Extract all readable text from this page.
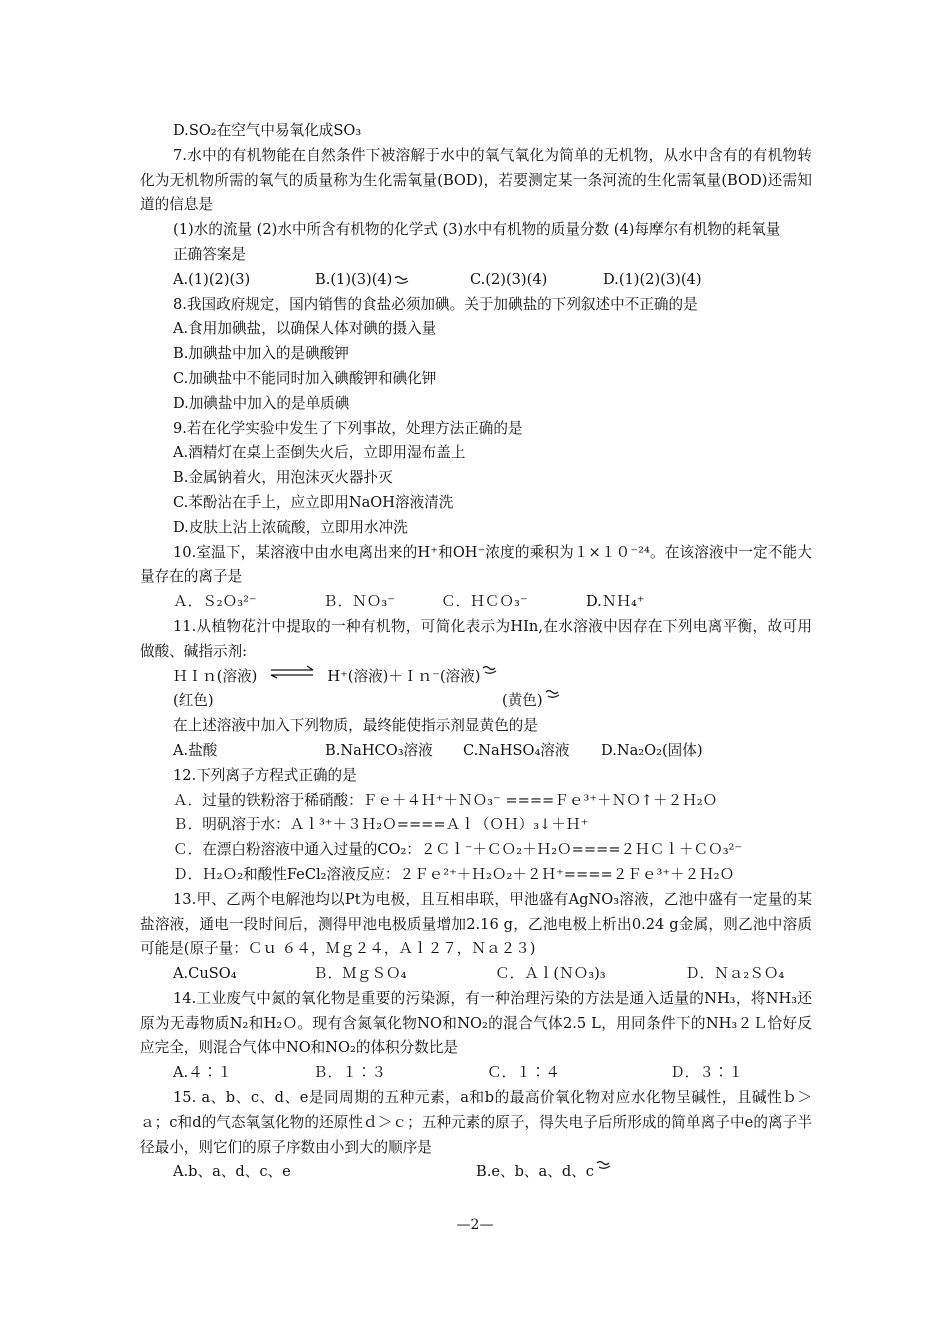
D.SO₂在空气中易氧化成SO₃
7.水中的有机物能在自然条件下被溶解于水中的氧气氧化为简单的无机物，从水中含有的有机物转化为无机物所需的氧气的质量称为生化需氧量(BOD)，若要测定某一条河流的生化需氧量(BOD)还需知道的信息是
(1)水的流量 (2)水中所含有机物的化学式 (3)水中有机物的质量分数 (4)每摩尔有机物的耗氧量
正确答案是
A.(1)(2)(3)	B.(1)(3)(4)	C.(2)(3)(4)	D.(1)(2)(3)(4)
8.我国政府规定，国内销售的食盐必须加碘。关于加碘盐的下列叙述中不正确的是
A.食用加碘盐，以确保人体对碘的摄入量
B.加碘盐中加入的是碘酸钾
C.加碘盐中不能同时加入碘酸钾和碘化钾
D.加碘盐中加入的是单质碘
9.若在化学实验中发生了下列事故，处理方法正确的是
A.酒精灯在桌上歪倒失火后，立即用湿布盖上
B.金属钠着火，用泡沫灭火器扑灭
C.苯酚沾在手上，应立即用NaOH溶液清洗
D.皮肤上沾上浓硫酸，立即用水冲洗
10.室温下，某溶液中由水电离出来的H⁺和OH⁻浓度的乘积为１×１０⁻²⁴。在该溶液中一定不能大量存在的离子是
Ａ．Ｓ₂Ｏ₃²⁻	Ｂ．ＮＯ₃⁻	Ｃ．ＨＣＯ₃⁻	D.ＮＨ₄⁺
11.从植物花汁中提取的一种有机物，可简化表示为HIn,在水溶液中因存在下列电离平衡，故可用做酸、碱指示剂:
ＨＩｎ(溶液) ⇌ H⁺(溶液)＋Ｉｎ⁻(溶液)
(红色)	(黄色)
在上述溶液中加入下列物质，最终能使指示剂显黄色的是
A.盐酸	B.NaHCO₃溶液	C.NaHSO₄溶液	D.Na₂O₂(固体)
12.下列离子方程式正确的是
Ａ．过量的铁粉溶于稀硝酸：Ｆｅ＋４Ｈ⁺＋ＮＯ₃⁻ ====Ｆｅ³⁺＋ＮＯ↑＋２Ｈ₂Ｏ
Ｂ．明矾溶于水：Ａｌ³⁺＋３Ｈ₂Ｏ====Ａｌ（ＯＨ）₃↓＋Ｈ⁺
Ｃ．在漂白粉溶液中通入过量的CO₂：２Ｃｌ⁻＋ＣＯ₂＋Ｈ₂Ｏ====２ＨＣｌ＋ＣＯ₃²⁻
Ｄ．Ｈ₂Ｏ₂和酸性FeCl₂溶液反应：２Ｆｅ²⁺＋Ｈ₂Ｏ₂＋２Ｈ⁺====２Ｆｅ³⁺＋２Ｈ₂Ｏ
13.甲、乙两个电解池均以Pt为电极，且互相串联，甲池盛有AgNO₃溶液，乙池中盛有一定量的某盐溶液，通电一段时间后，测得甲池电极质量增加2.16 g，乙池电极上析出0.24 g金属，则乙池中溶质可能是(原子量：Ｃｕ ６４，Ｍｇ２４，Ａｌ２７，Ｎａ２３)
A.CuSO₄	Ｂ．ＭｇＳＯ₄	Ｃ．Ａｌ(ＮＯ₃)₃	Ｄ．Ｎａ₂ＳＯ₄
14.工业废气中氮的氧化物是重要的污染源，有一种治理污染的方法是通入适量的NH₃，将NH₃还原为无毒物质N₂和H₂Ｏ。现有含氮氧化物NO和NO₂的混合气体2.5 L，用同条件下的NH₃２Ｌ恰好反应完全，则混合气体中NO和NO₂的体积分数比是
A.４∶１	Ｂ．１∶３	Ｃ．１∶４	Ｄ．３∶１
15. a、b、c、d、e是同周期的五种元素，a和b的最高价氧化物对应水化物呈碱性，且碱性ｂ＞ａ；c和d的气态氧氢化物的还原性ｄ＞ｃ；五种元素的原子，得失电子后所形成的简单离子中e的离子半径最小，则它们的原子序数由小到大的顺序是
A.b、a、d、c、e	B.e、b、a、d、c
—2—
